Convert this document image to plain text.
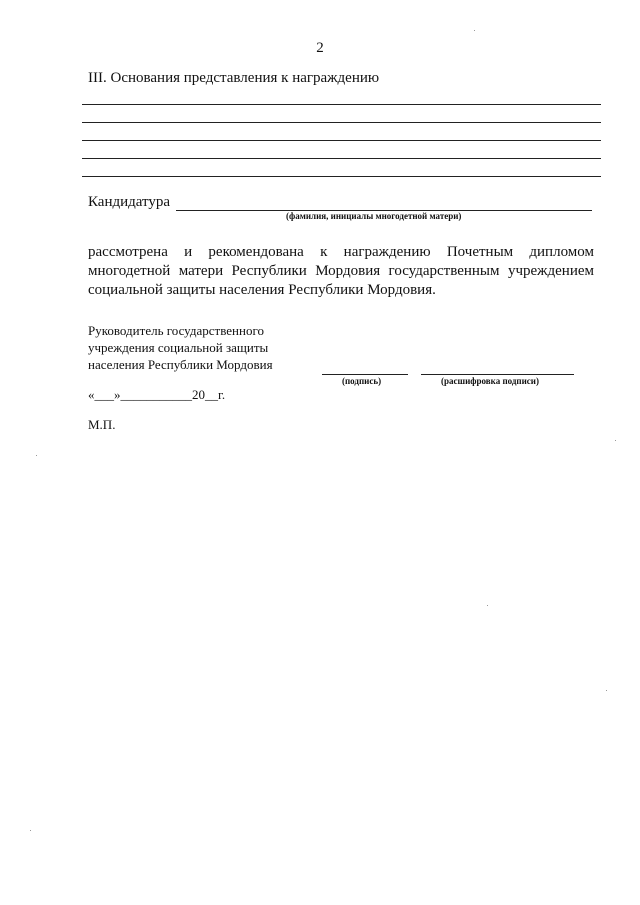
2
III. Основания представления к награждению
Кандидатура
(фамилия, инициалы многодетной матери)
рассмотрена и рекомендована к награждению Почетным дипломом
многодетной матери Республики Мордовия государственным учреждением
социальной защиты населения Республики Мордовия.
Руководитель государственного
учреждения социальной защиты
населения Республики Мордовия
(подпись)	(расшифровка подписи)
«___»___________20__г.
М.П.
